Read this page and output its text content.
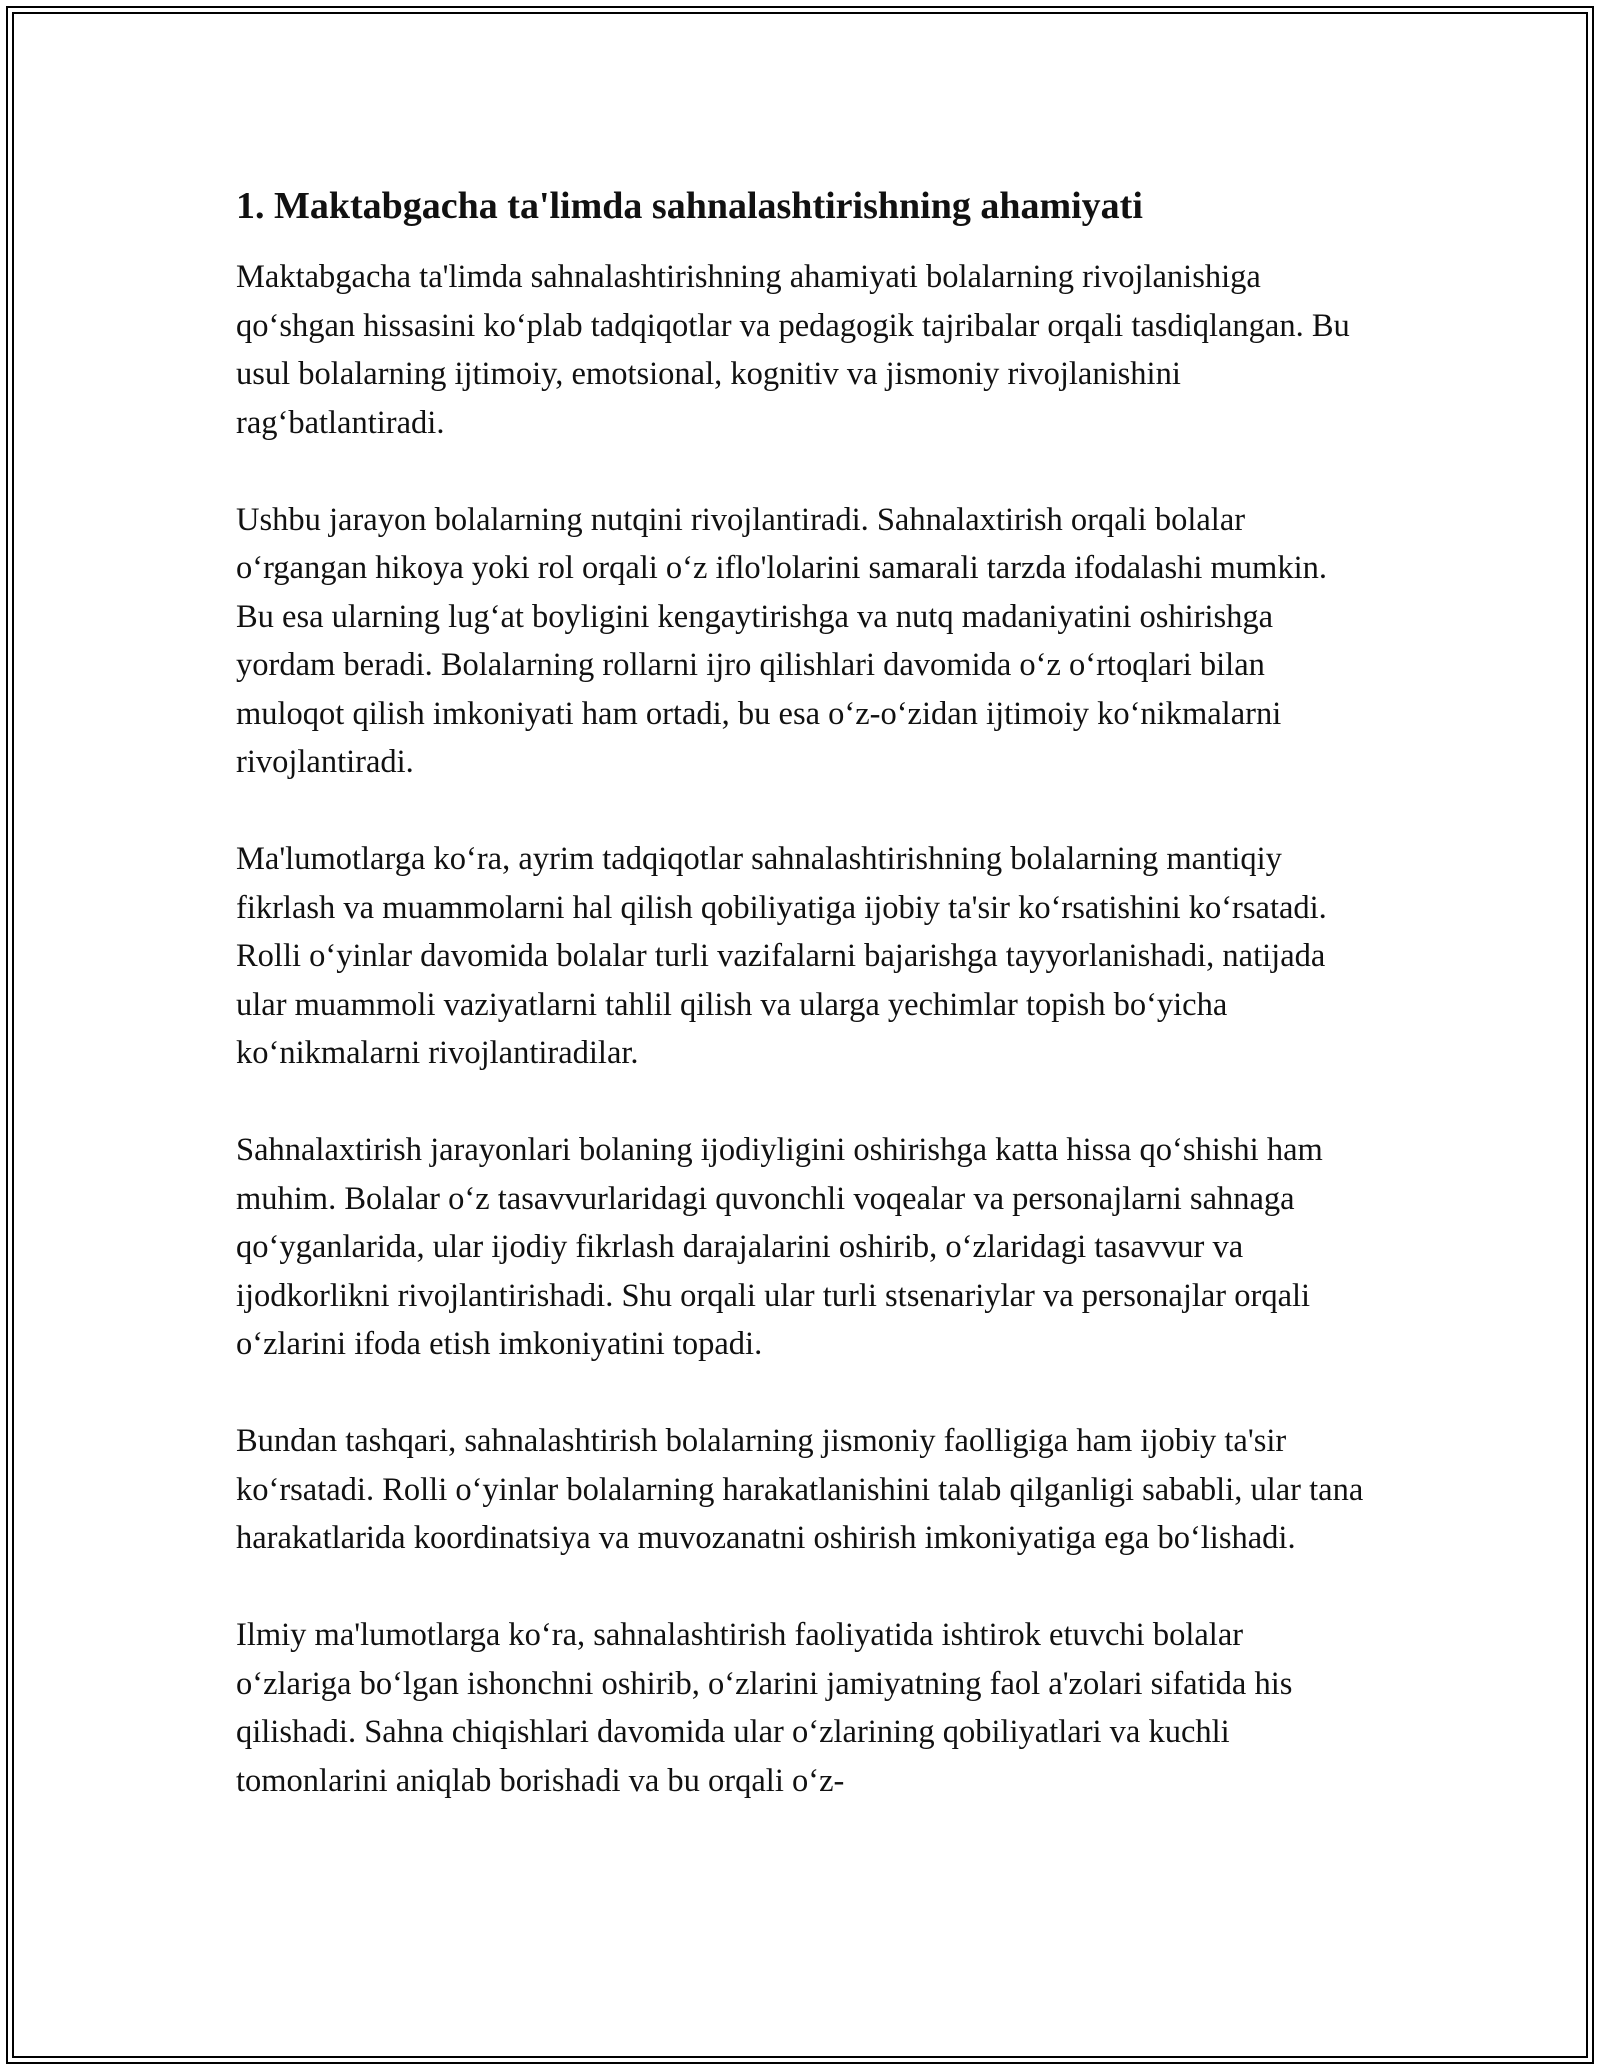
1. Maktabgacha ta'limda sahnalashtirishning ahamiyati

Maktabgacha ta'limda sahnalashtirishning ahamiyati bolalarning rivojlanishiga qo‘shgan hissasini ko‘plab tadqiqotlar va pedagogik tajribalar orqali tasdiqlangan. Bu usul bolalarning ijtimoiy, emotsional, kognitiv va jismoniy rivojlanishini rag‘batlantiradi.

Ushbu jarayon bolalarning nutqini rivojlantiradi. Sahnalaxtirish orqali bolalar o‘rgangan hikoya yoki rol orqali o‘z iflo'lolarini samarali tarzda ifodalashi mumkin. Bu esa ularning lug‘at boyligini kengaytirishga va nutq madaniyatini oshirishga yordam beradi. Bolalarning rollarni ijro qilishlari davomida o‘z o‘rtoqlari bilan muloqot qilish imkoniyati ham ortadi, bu esa o‘z-o‘zidan ijtimoiy ko‘nikmalarni rivojlantiradi.

Ma'lumotlarga ko‘ra, ayrim tadqiqotlar sahnalashtirishning bolalarning mantiqiy fikrlash va muammolarni hal qilish qobiliyatiga ijobiy ta'sir ko‘rsatishini ko‘rsatadi. Rolli o‘yinlar davomida bolalar turli vazifalarni bajarishga tayyorlanishadi, natijada ular muammoli vaziyatlarni tahlil qilish va ularga yechimlar topish bo‘yicha ko‘nikmalarni rivojlantiradilar.

Sahnalaxtirish jarayonlari bolaning ijodiyligini oshirishga katta hissa qo‘shishi ham muhim. Bolalar o‘z tasavvurlaridagi quvonchli voqealar va personajlarni sahnaga qo‘yganlarida, ular ijodiy fikrlash darajalarini oshirib, o‘zlaridagi tasavvur va ijodkorlikni rivojlantirishadi. Shu orqali ular turli stsenariylar va personajlar orqali o‘zlarini ifoda etish imkoniyatini topadi.

Bundan tashqari, sahnalashtirish bolalarning jismoniy faolligiga ham ijobiy ta'sir ko‘rsatadi. Rolli o‘yinlar bolalarning harakatlanishini talab qilganligi sababli, ular tana harakatlarida koordinatsiya va muvozanatni oshirish imkoniyatiga ega bo‘lishadi.

Ilmiy ma'lumotlarga ko‘ra, sahnalashtirish faoliyatida ishtirok etuvchi bolalar o‘zlariga bo‘lgan ishonchni oshirib, o‘zlarini jamiyatning faol a'zolari sifatida his qilishadi. Sahna chiqishlari davomida ular o‘zlarining qobiliyatlari va kuchli tomonlarini aniqlab borishadi va bu orqali o‘z-
